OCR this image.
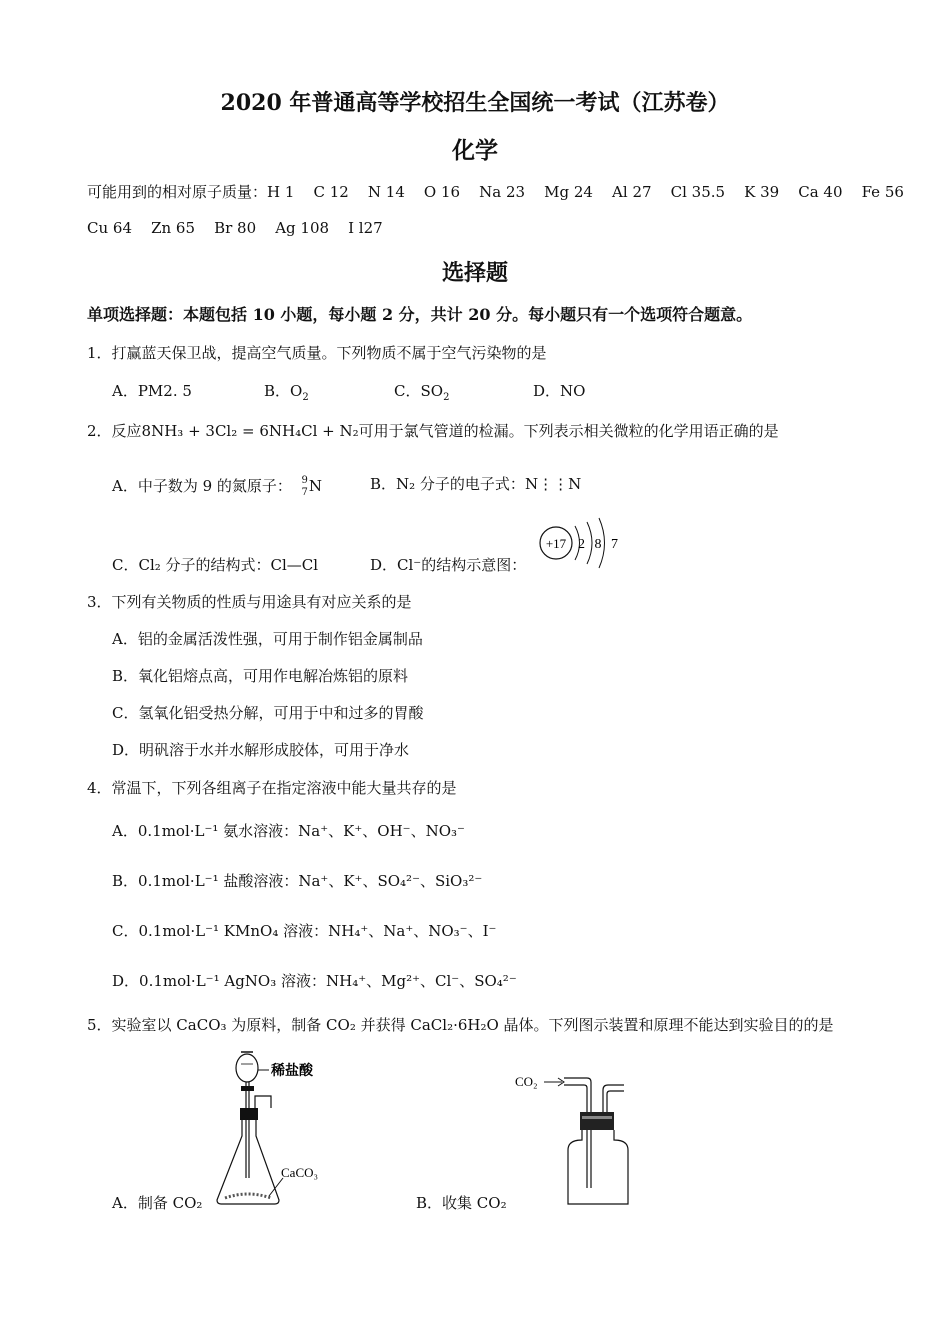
2020 年普通高等学校招生全国统一考试（江苏卷）
化学
可能用到的相对原子质量：H 1    C 12    N 14    O 16    Na 23    Mg 24    Al 27    Cl 35.5    K 39    Ca 40    Fe 56
Cu 64    Zn 65    Br 80    Ag 108    I l27
选择题
单项选择题：本题包括 10 小题，每小题 2 分，共计 20 分。每小题只有一个选项符合题意。
1．打赢蓝天保卫战，提高空气质量。下列物质不属于空气污染物的是
A．PM2. 5	B．$O_2$	C．$SO_2$	D．NO
2．反应8NH₃ + 3Cl₂ = 6NH₄Cl + N₂可用于氯气管道的检漏。下列表示相关微粒的化学用语正确的是
A．中子数为 9 的氮原子： 9
7 N	B．N₂ 分子的电子式：N⋮⋮N
C．Cl₂ 分子的结构式：Cl—Cl	D．Cl⁻的结构示意图：
+17 2 8 7
3．下列有关物质的性质与用途具有对应关系的是
A．铝的金属活泼性强，可用于制作铝金属制品
B．氧化铝熔点高，可用作电解冶炼铝的原料
C．氢氧化铝受热分解，可用于中和过多的胃酸
D．明矾溶于水并水解形成胶体，可用于净水
4．常温下，下列各组离子在指定溶液中能大量共存的是
A．0.1mol·L⁻¹ 氨水溶液：Na⁺、K⁺、OH⁻、NO₃⁻
B．0.1mol·L⁻¹ 盐酸溶液：Na⁺、K⁺、SO₄²⁻、SiO₃²⁻
C．0.1mol·L⁻¹ KMnO₄ 溶液：NH₄⁺、Na⁺、NO₃⁻、I⁻
D．0.1mol·L⁻¹ AgNO₃ 溶液：NH₄⁺、Mg²⁺、Cl⁻、SO₄²⁻
5．实验室以 CaCO₃ 为原料，制备 CO₂ 并获得 CaCl₂·6H₂O 晶体。下列图示装置和原理不能达到实验目的的是
稀盐酸
CaCO₃
A．制备 CO₂
CO₂
B．收集 CO₂
